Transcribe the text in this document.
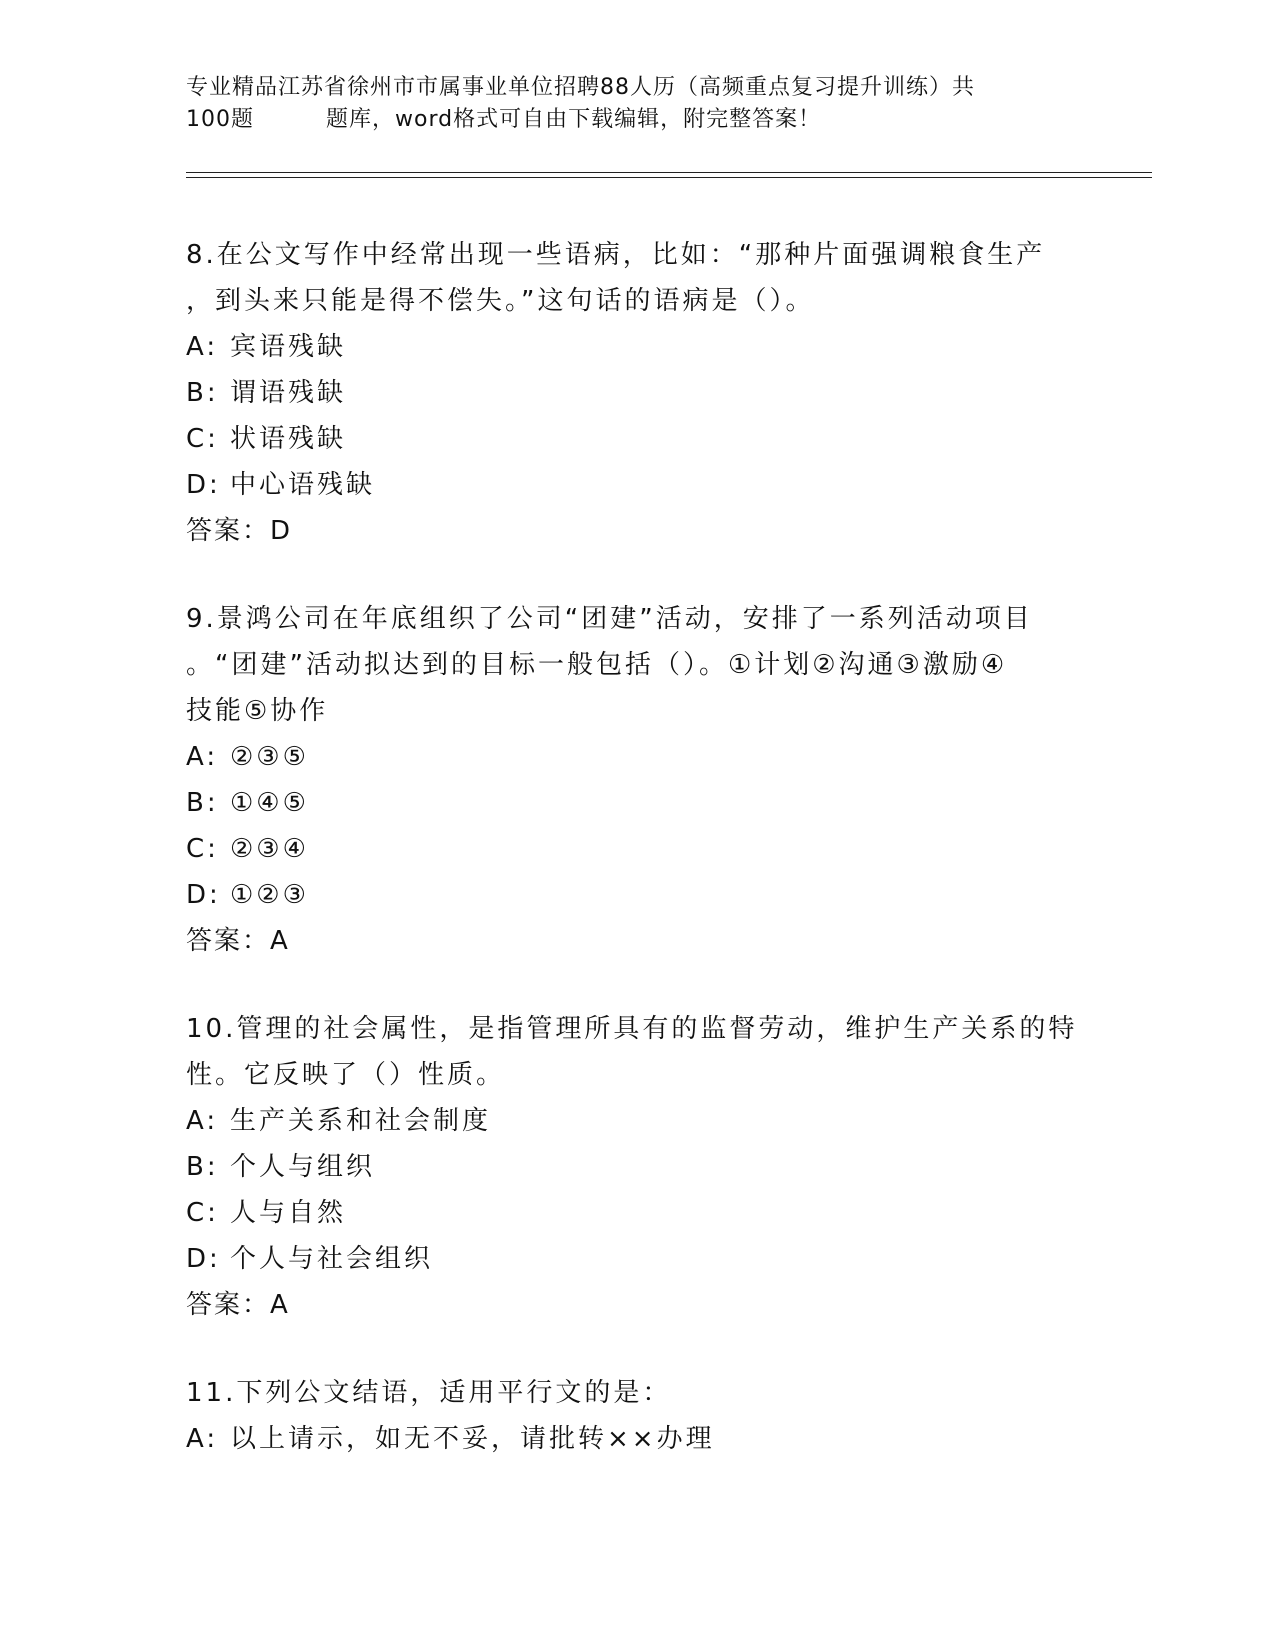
专业精品江苏省徐州市市属事业单位招聘88人历（高频重点复习提升训练）共
100题	题库，word格式可自由下载编辑，附完整答案！
8.在公文写作中经常出现一些语病，比如：“那种片面强调粮食生产
，到头来只能是得不偿失。”这句话的语病是（）。
A: 宾语残缺
B: 谓语残缺
C: 状语残缺
D: 中心语残缺
答案：D
9.景鸿公司在年底组织了公司“团建”活动，安排了一系列活动项目
。“团建”活动拟达到的目标一般包括（）。①计划②沟通③激励④
技能⑤协作
A: ②③⑤
B: ①④⑤
C: ②③④
D: ①②③
答案：A
10.管理的社会属性，是指管理所具有的监督劳动，维护生产关系的特
性。它反映了（）性质。
A: 生产关系和社会制度
B: 个人与组织
C: 人与自然
D: 个人与社会组织
答案：A
11.下列公文结语，适用平行文的是：
A: 以上请示，如无不妥，请批转××办理
